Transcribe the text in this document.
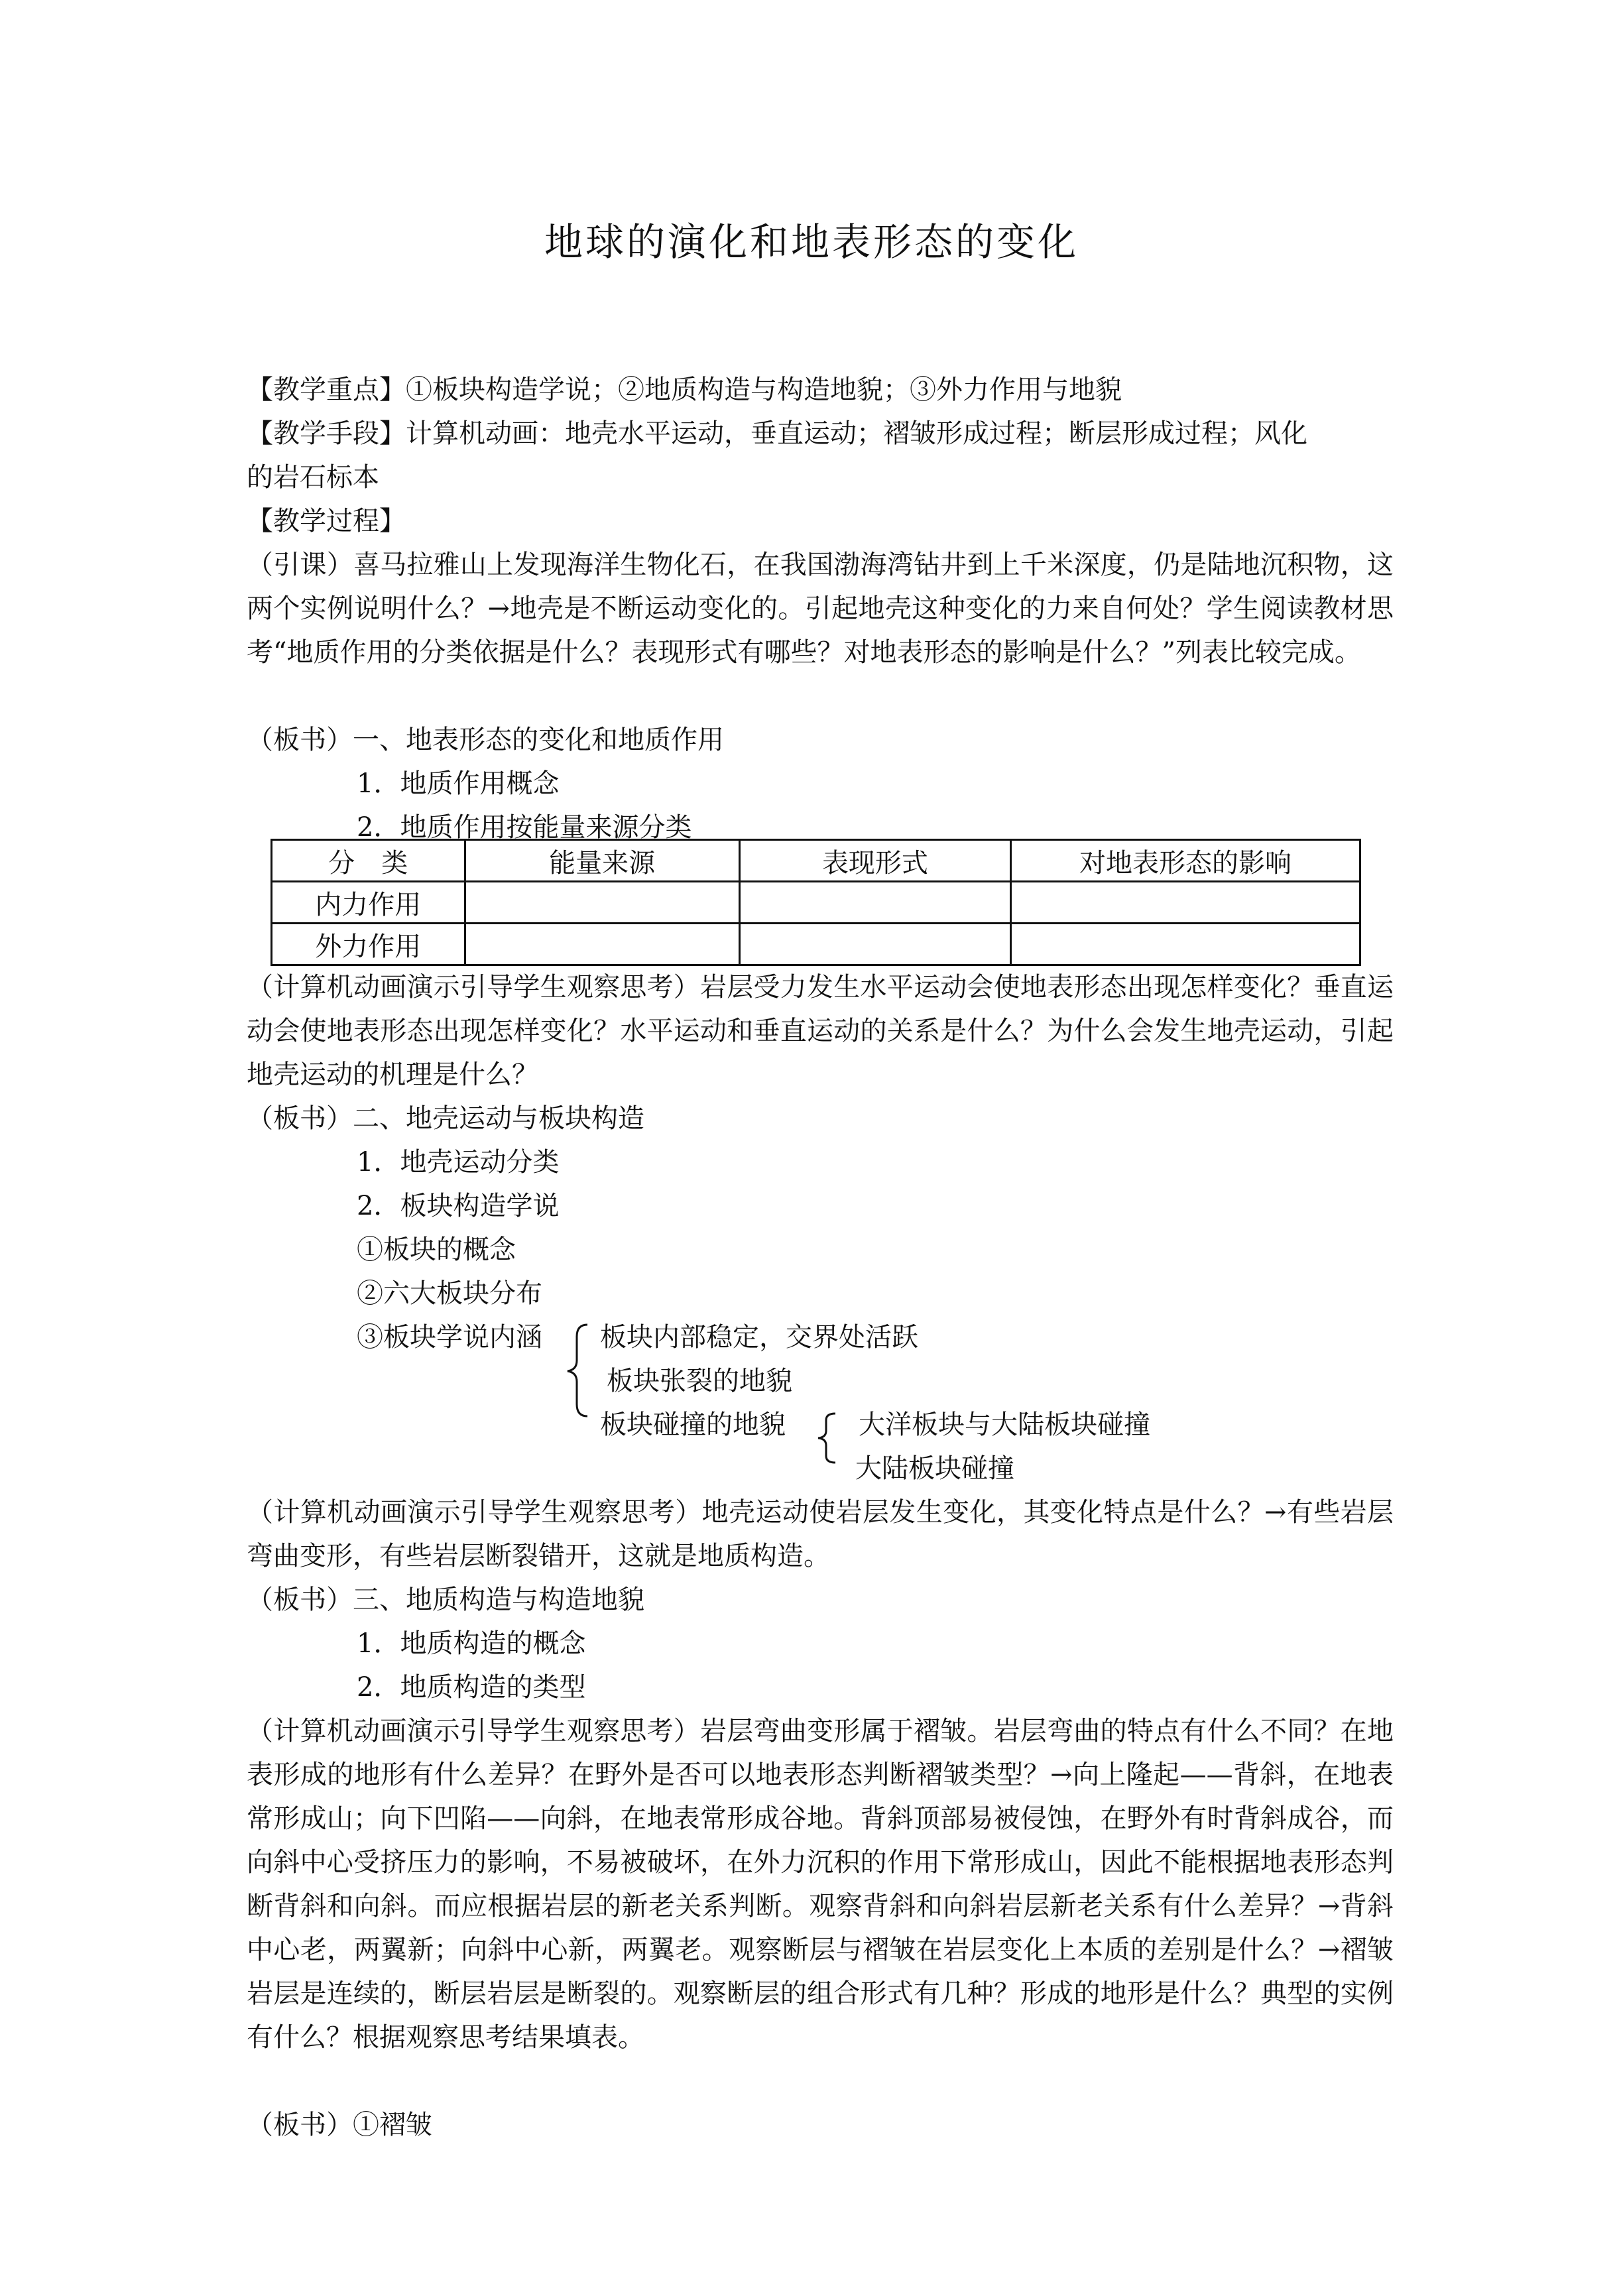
地球的演化和地表形态的变化
【教学重点】①板块构造学说；②地质构造与构造地貌；③外力作用与地貌
【教学手段】计算机动画：地壳水平运动，垂直运动；褶皱形成过程；断层形成过程；风化
的岩石标本
【教学过程】
（引课）喜马拉雅山上发现海洋生物化石，在我国渤海湾钻井到上千米深度，仍是陆地沉积物，这两个实例说明什么？→地壳是不断运动变化的。引起地壳这种变化的力来自何处？学生阅读教材思考“地质作用的分类依据是什么？表现形式有哪些？对地表形态的影响是什么？”列表比较完成。
（板书）一、地表形态的变化和地质作用
1．地质作用概念
2．地质作用按能量来源分类
分　类	能量来源	表现形式	对地表形态的影响
内力作用			
外力作用			
（计算机动画演示引导学生观察思考）岩层受力发生水平运动会使地表形态出现怎样变化？垂直运动会使地表形态出现怎样变化？水平运动和垂直运动的关系是什么？为什么会发生地壳运动，引起地壳运动的机理是什么？
（板书）二、地壳运动与板块构造
1．地壳运动分类
2．板块构造学说
①板块的概念
②六大板块分布
③板块学说内涵 板块内部稳定，交界处活跃
板块张裂的地貌
板块碰撞的地貌	大洋板块与大陆板块碰撞
大陆板块碰撞
（计算机动画演示引导学生观察思考）地壳运动使岩层发生变化，其变化特点是什么？→有些岩层弯曲变形，有些岩层断裂错开，这就是地质构造。
（板书）三、地质构造与构造地貌
1．地质构造的概念
2．地质构造的类型
（计算机动画演示引导学生观察思考）岩层弯曲变形属于褶皱。岩层弯曲的特点有什么不同？在地表形成的地形有什么差异？在野外是否可以地表形态判断褶皱类型？→向上隆起——背斜，在地表常形成山；向下凹陷——向斜，在地表常形成谷地。背斜顶部易被侵蚀，在野外有时背斜成谷，而向斜中心受挤压力的影响，不易被破坏，在外力沉积的作用下常形成山，因此不能根据地表形态判断背斜和向斜。而应根据岩层的新老关系判断。观察背斜和向斜岩层新老关系有什么差异？→背斜中心老，两翼新；向斜中心新，两翼老。观察断层与褶皱在岩层变化上本质的差别是什么？→褶皱岩层是连续的，断层岩层是断裂的。观察断层的组合形式有几种？形成的地形是什么？典型的实例有什么？根据观察思考结果填表。
（板书）①褶皱
